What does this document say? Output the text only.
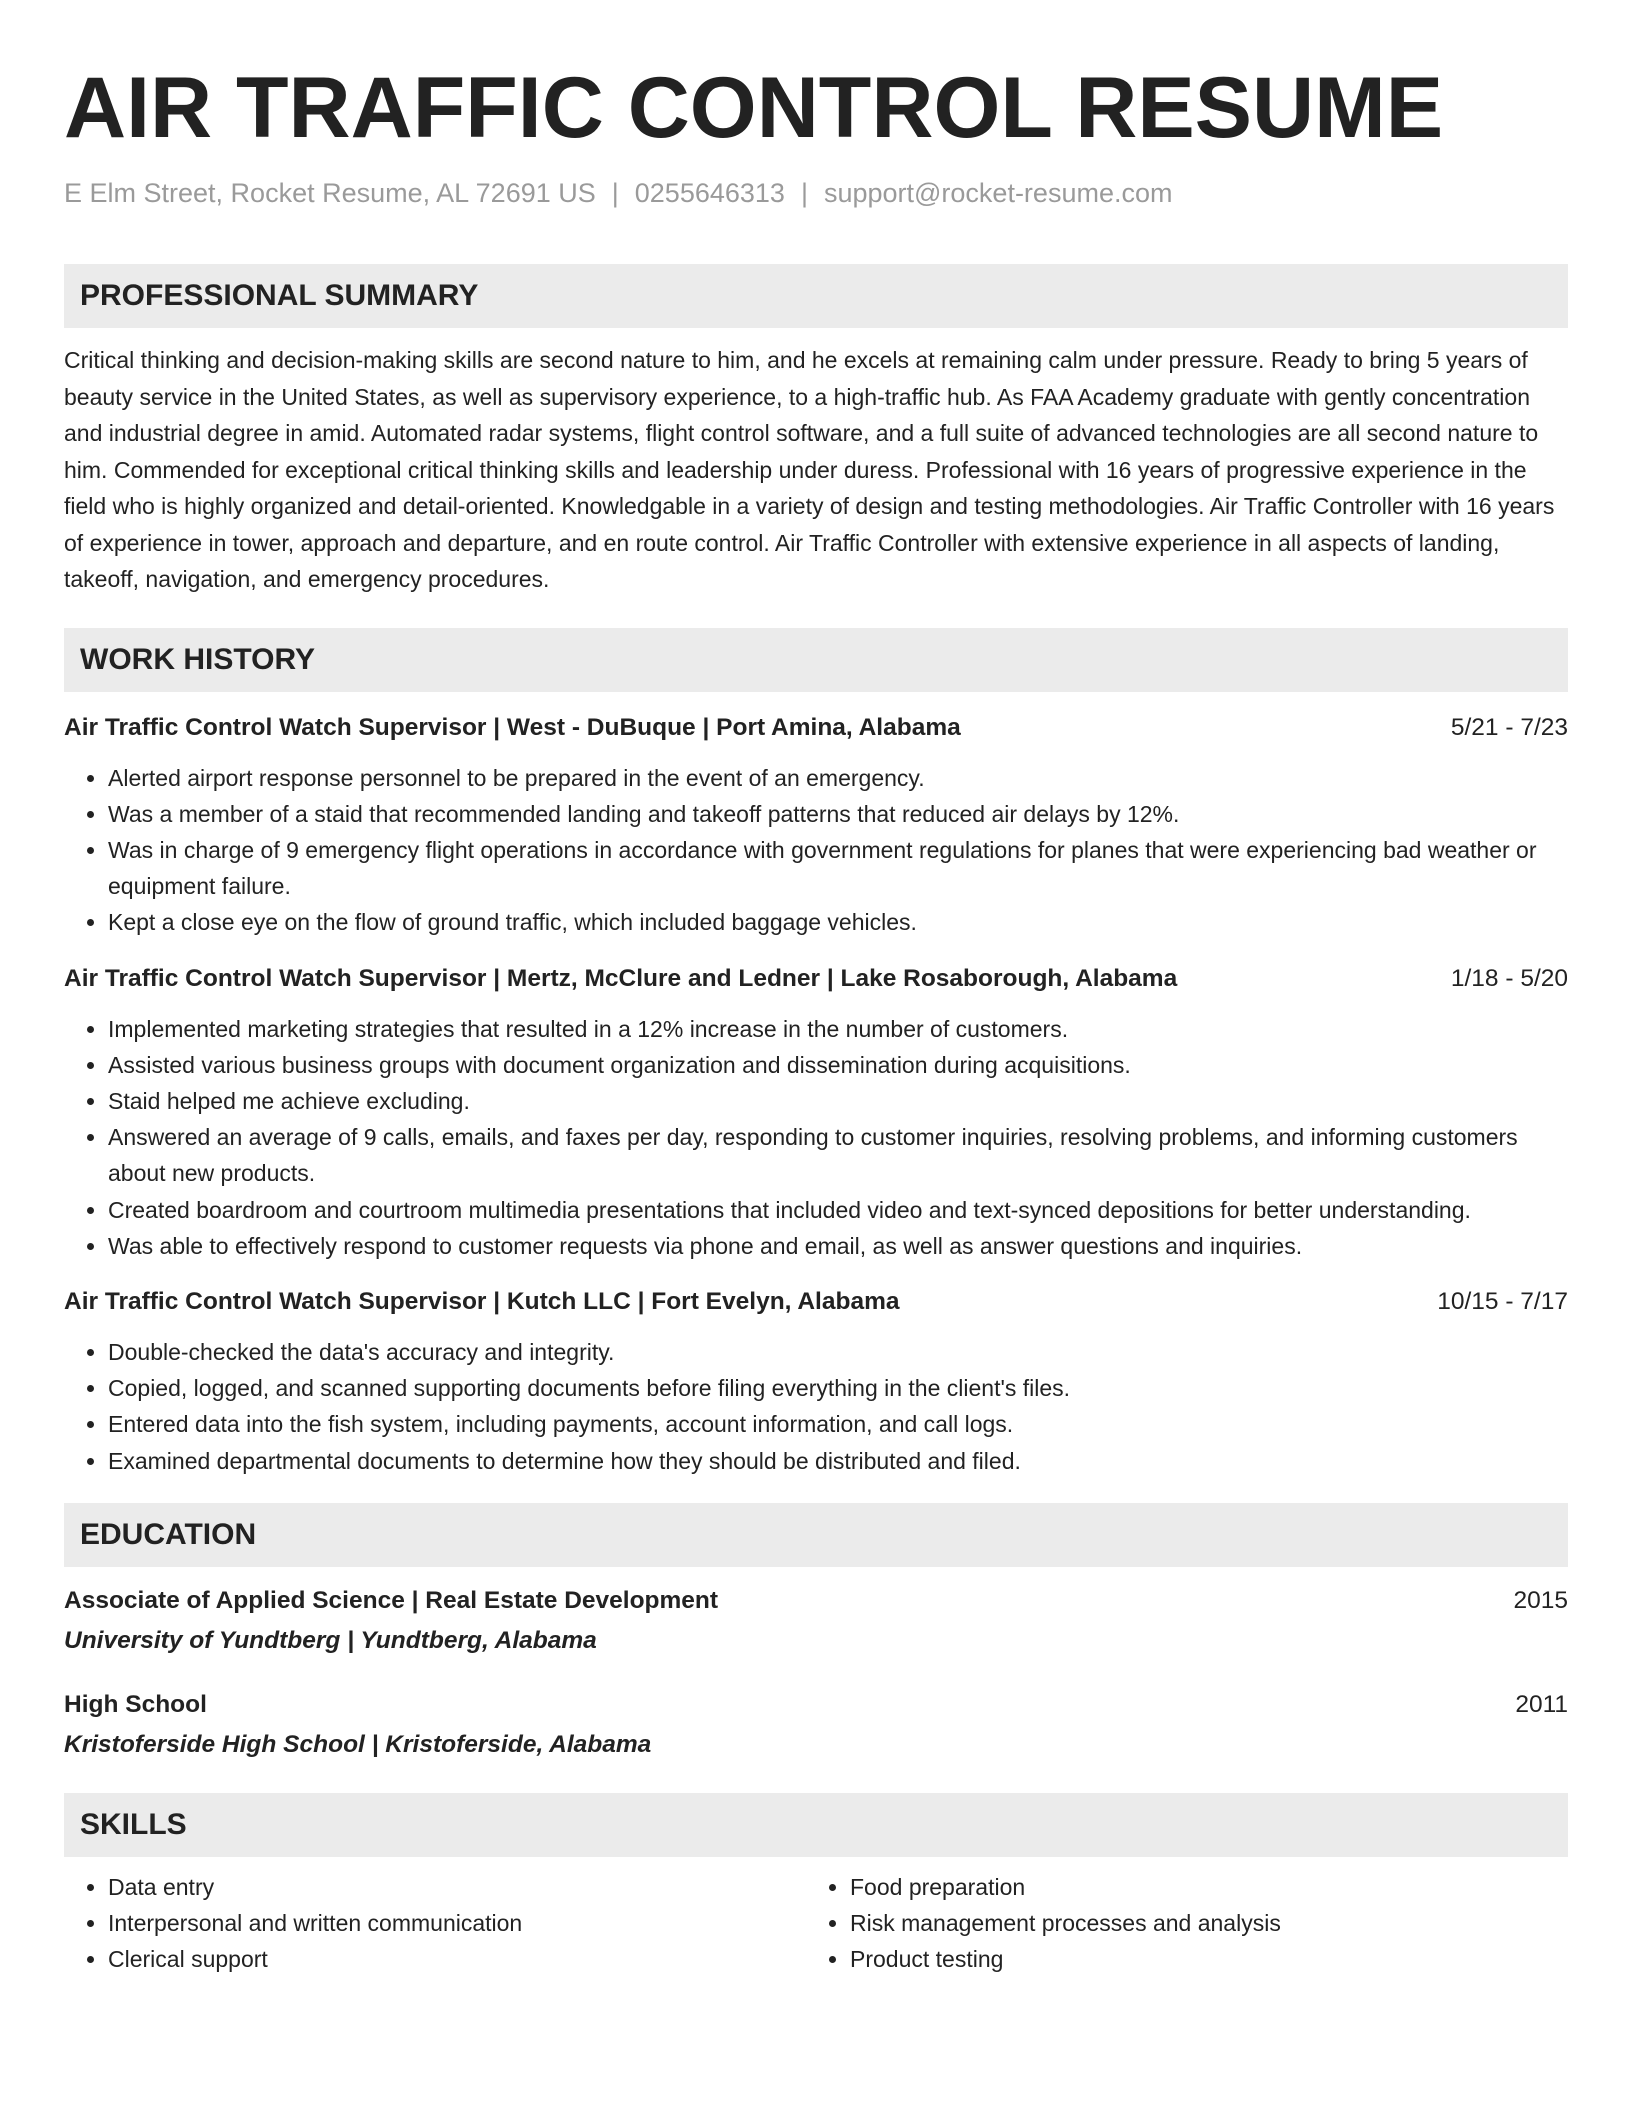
AIR TRAFFIC CONTROL RESUME
E Elm Street, Rocket Resume, AL 72691 US | 0255646313 | support@rocket-resume.com
PROFESSIONAL SUMMARY
Critical thinking and decision-making skills are second nature to him, and he excels at remaining calm under pressure. Ready to bring 5 years of beauty service in the United States, as well as supervisory experience, to a high-traffic hub. As FAA Academy graduate with gently concentration and industrial degree in amid. Automated radar systems, flight control software, and a full suite of advanced technologies are all second nature to him. Commended for exceptional critical thinking skills and leadership under duress. Professional with 16 years of progressive experience in the field who is highly organized and detail-oriented. Knowledgable in a variety of design and testing methodologies. Air Traffic Controller with 16 years of experience in tower, approach and departure, and en route control. Air Traffic Controller with extensive experience in all aspects of landing, takeoff, navigation, and emergency procedures.
WORK HISTORY
Air Traffic Control Watch Supervisor | West - DuBuque | Port Amina, Alabama	5/21 - 7/23
• Alerted airport response personnel to be prepared in the event of an emergency.
• Was a member of a staid that recommended landing and takeoff patterns that reduced air delays by 12%.
• Was in charge of 9 emergency flight operations in accordance with government regulations for planes that were experiencing bad weather or equipment failure.
• Kept a close eye on the flow of ground traffic, which included baggage vehicles.
Air Traffic Control Watch Supervisor | Mertz, McClure and Ledner | Lake Rosaborough, Alabama	1/18 - 5/20
• Implemented marketing strategies that resulted in a 12% increase in the number of customers.
• Assisted various business groups with document organization and dissemination during acquisitions.
• Staid helped me achieve excluding.
• Answered an average of 9 calls, emails, and faxes per day, responding to customer inquiries, resolving problems, and informing customers about new products.
• Created boardroom and courtroom multimedia presentations that included video and text-synced depositions for better understanding.
• Was able to effectively respond to customer requests via phone and email, as well as answer questions and inquiries.
Air Traffic Control Watch Supervisor | Kutch LLC | Fort Evelyn, Alabama	10/15 - 7/17
• Double-checked the data's accuracy and integrity.
• Copied, logged, and scanned supporting documents before filing everything in the client's files.
• Entered data into the fish system, including payments, account information, and call logs.
• Examined departmental documents to determine how they should be distributed and filed.
EDUCATION
Associate of Applied Science | Real Estate Development	2015
University of Yundtberg | Yundtberg, Alabama
High School	2011
Kristoferside High School | Kristoferside, Alabama
SKILLS
• Data entry
• Interpersonal and written communication
• Clerical support
• Food preparation
• Risk management processes and analysis
• Product testing
